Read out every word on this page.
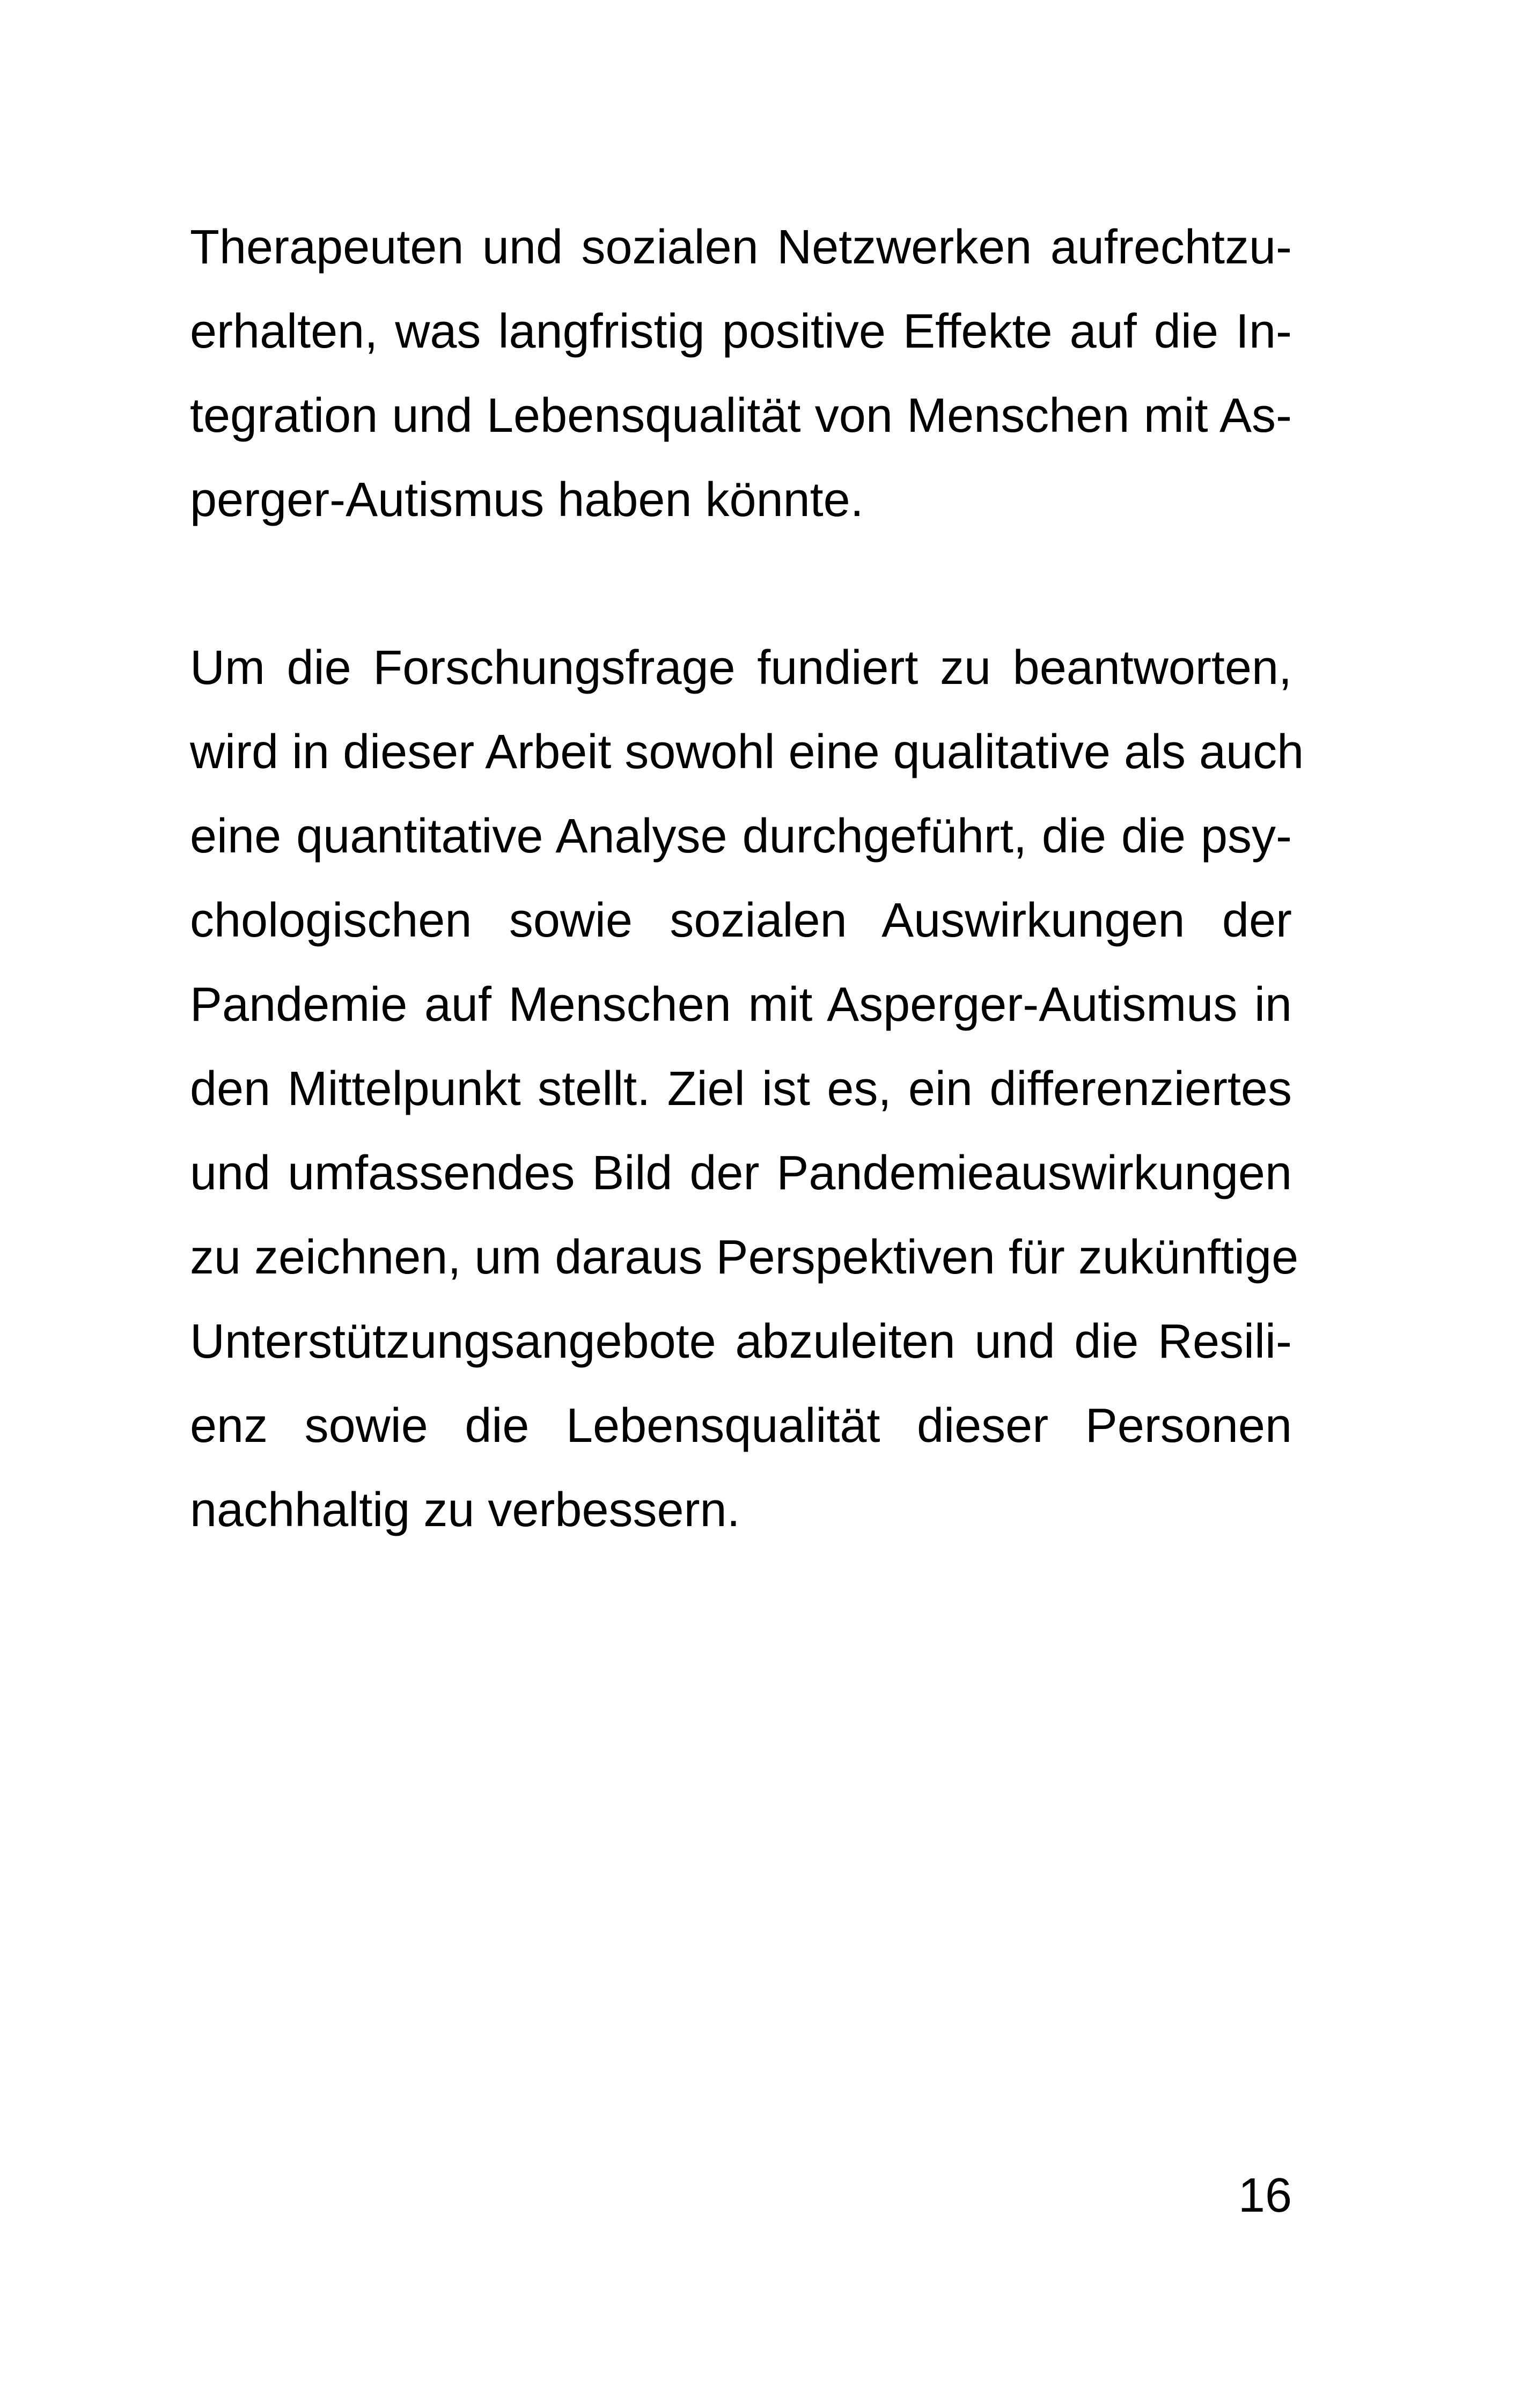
Therapeuten und sozialen Netzwerken aufrechtzu-
erhalten, was langfristig positive Effekte auf die In-
tegration und Lebensqualität von Menschen mit As-
perger-Autismus haben könnte.
Um die Forschungsfrage fundiert zu beantworten,
wird in dieser Arbeit sowohl eine qualitative als auch
eine quantitative Analyse durchgeführt, die die psy-
chologischen sowie sozialen Auswirkungen der
Pandemie auf Menschen mit Asperger-Autismus in
den Mittelpunkt stellt. Ziel ist es, ein differenziertes
und umfassendes Bild der Pandemieauswirkungen
zu zeichnen, um daraus Perspektiven für zukünftige
Unterstützungsangebote abzuleiten und die Resili-
enz sowie die Lebensqualität dieser Personen
nachhaltig zu verbessern.
16
